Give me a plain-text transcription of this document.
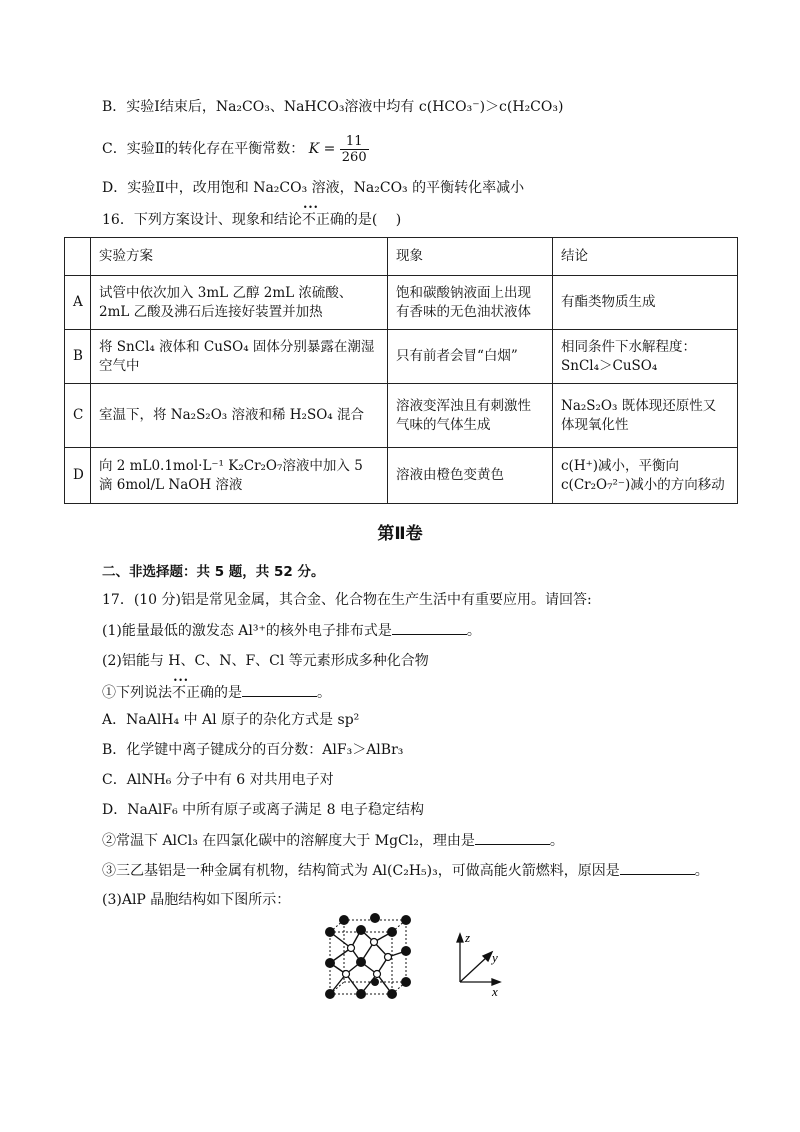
B．实验Ⅰ结束后，Na₂CO₃、NaHCO₃溶液中均有 c(HCO₃⁻)＞c(H₂CO₃)
C．实验Ⅱ的转化存在平衡常数： $K = \frac{11}{260}$
D．实验Ⅱ中，改用饱和 Na₂CO₃ 溶液，Na₂CO₃ 的平衡转化率减小
16．下列方案设计、现象和结论不正确 • • •的是(　 )
	实验方案	现象	结论
A	试管中依次加入 3mL 乙醇 2mL 浓硫酸、2mL 乙酸及沸石后连接好装置并加热	饱和碳酸钠液面上出现有香味的无色油状液体	有酯类物质生成
B	将 SnCl₄ 液体和 CuSO₄ 固体分别暴露在潮湿空气中	只有前者会冒“白烟”	相同条件下水解程度：SnCl₄＞CuSO₄
C	室温下，将 Na₂S₂O₃ 溶液和稀 H₂SO₄ 混合	溶液变浑浊且有刺激性气味的气体生成	Na₂S₂O₃ 既体现还原性又体现氧化性
D	向 2 mL0.1mol·L⁻¹ K₂Cr₂O₇溶液中加入 5 滴 6mol/L NaOH 溶液	溶液由橙色变黄色	c(H⁺)减小，平衡向 c(Cr₂O₇²⁻)减小的方向移动
第Ⅱ卷
二、非选择题：共 5 题，共 52 分。
17．(10 分)铝是常见金属，其合金、化合物在生产生活中有重要应用。请回答:
(1)能量最低的激发态 Al³⁺的核外电子排布式是	。
(2)铝能与 H、C、N、F、Cl 等元素形成多种化合物
①下列说法不正确 • • •的是	。
A．NaAlH₄ 中 Al 原子的杂化方式是 sp²
B．化学键中离子键成分的百分数：AlF₃＞AlBr₃
C．AlNH₆ 分子中有 6 对共用电子对
D．NaAlF₆ 中所有原子或离子满足 8 电子稳定结构
②常温下 AlCl₃ 在四氯化碳中的溶解度大于 MgCl₂，理由是	。
③三乙基铝是一种金属有机物，结构简式为 Al(C₂H₅)₃，可做高能火箭燃料，原因是	。
(3)AlP 晶胞结构如下图所示：
z
y
x
